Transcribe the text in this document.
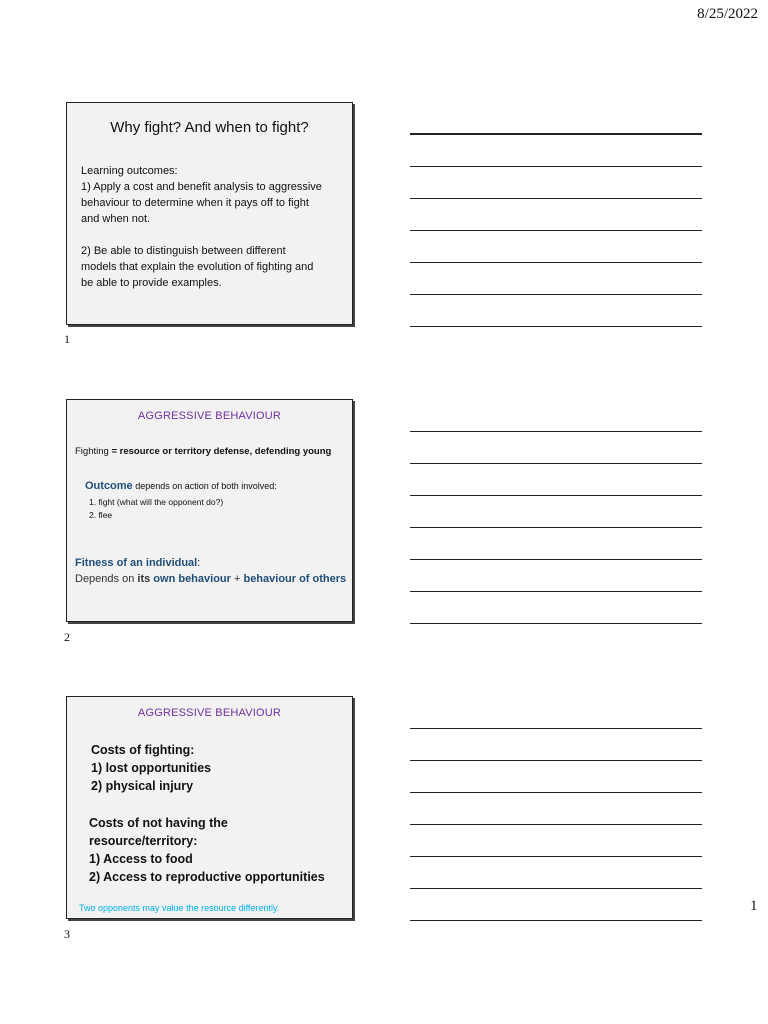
8/25/2022
Why fight? And when to fight?

Learning outcomes:

1) Apply a cost and benefit analysis to aggressive

behaviour to determine when it pays off to fight

and when not.

2) Be able to distinguish between different

models that explain the evolution of fighting and

be able to provide examples.

1
AGGRESSIVE BEHAVIOUR
Fighting = resource or territory defense, defending young
Outcome depends on action of both involved:
1. fight (what will the opponent do?)
2. flee
Fitness of an individual:
Depends on its own behaviour + behaviour of others
2
AGGRESSIVE BEHAVIOUR

Costs of fighting:

1) lost opportunities

2) physical injury

Costs of not having the

resource/territory:

1) Access to food

2) Access to reproductive opportunities

Two opponents may value the resource differently.
3
1
